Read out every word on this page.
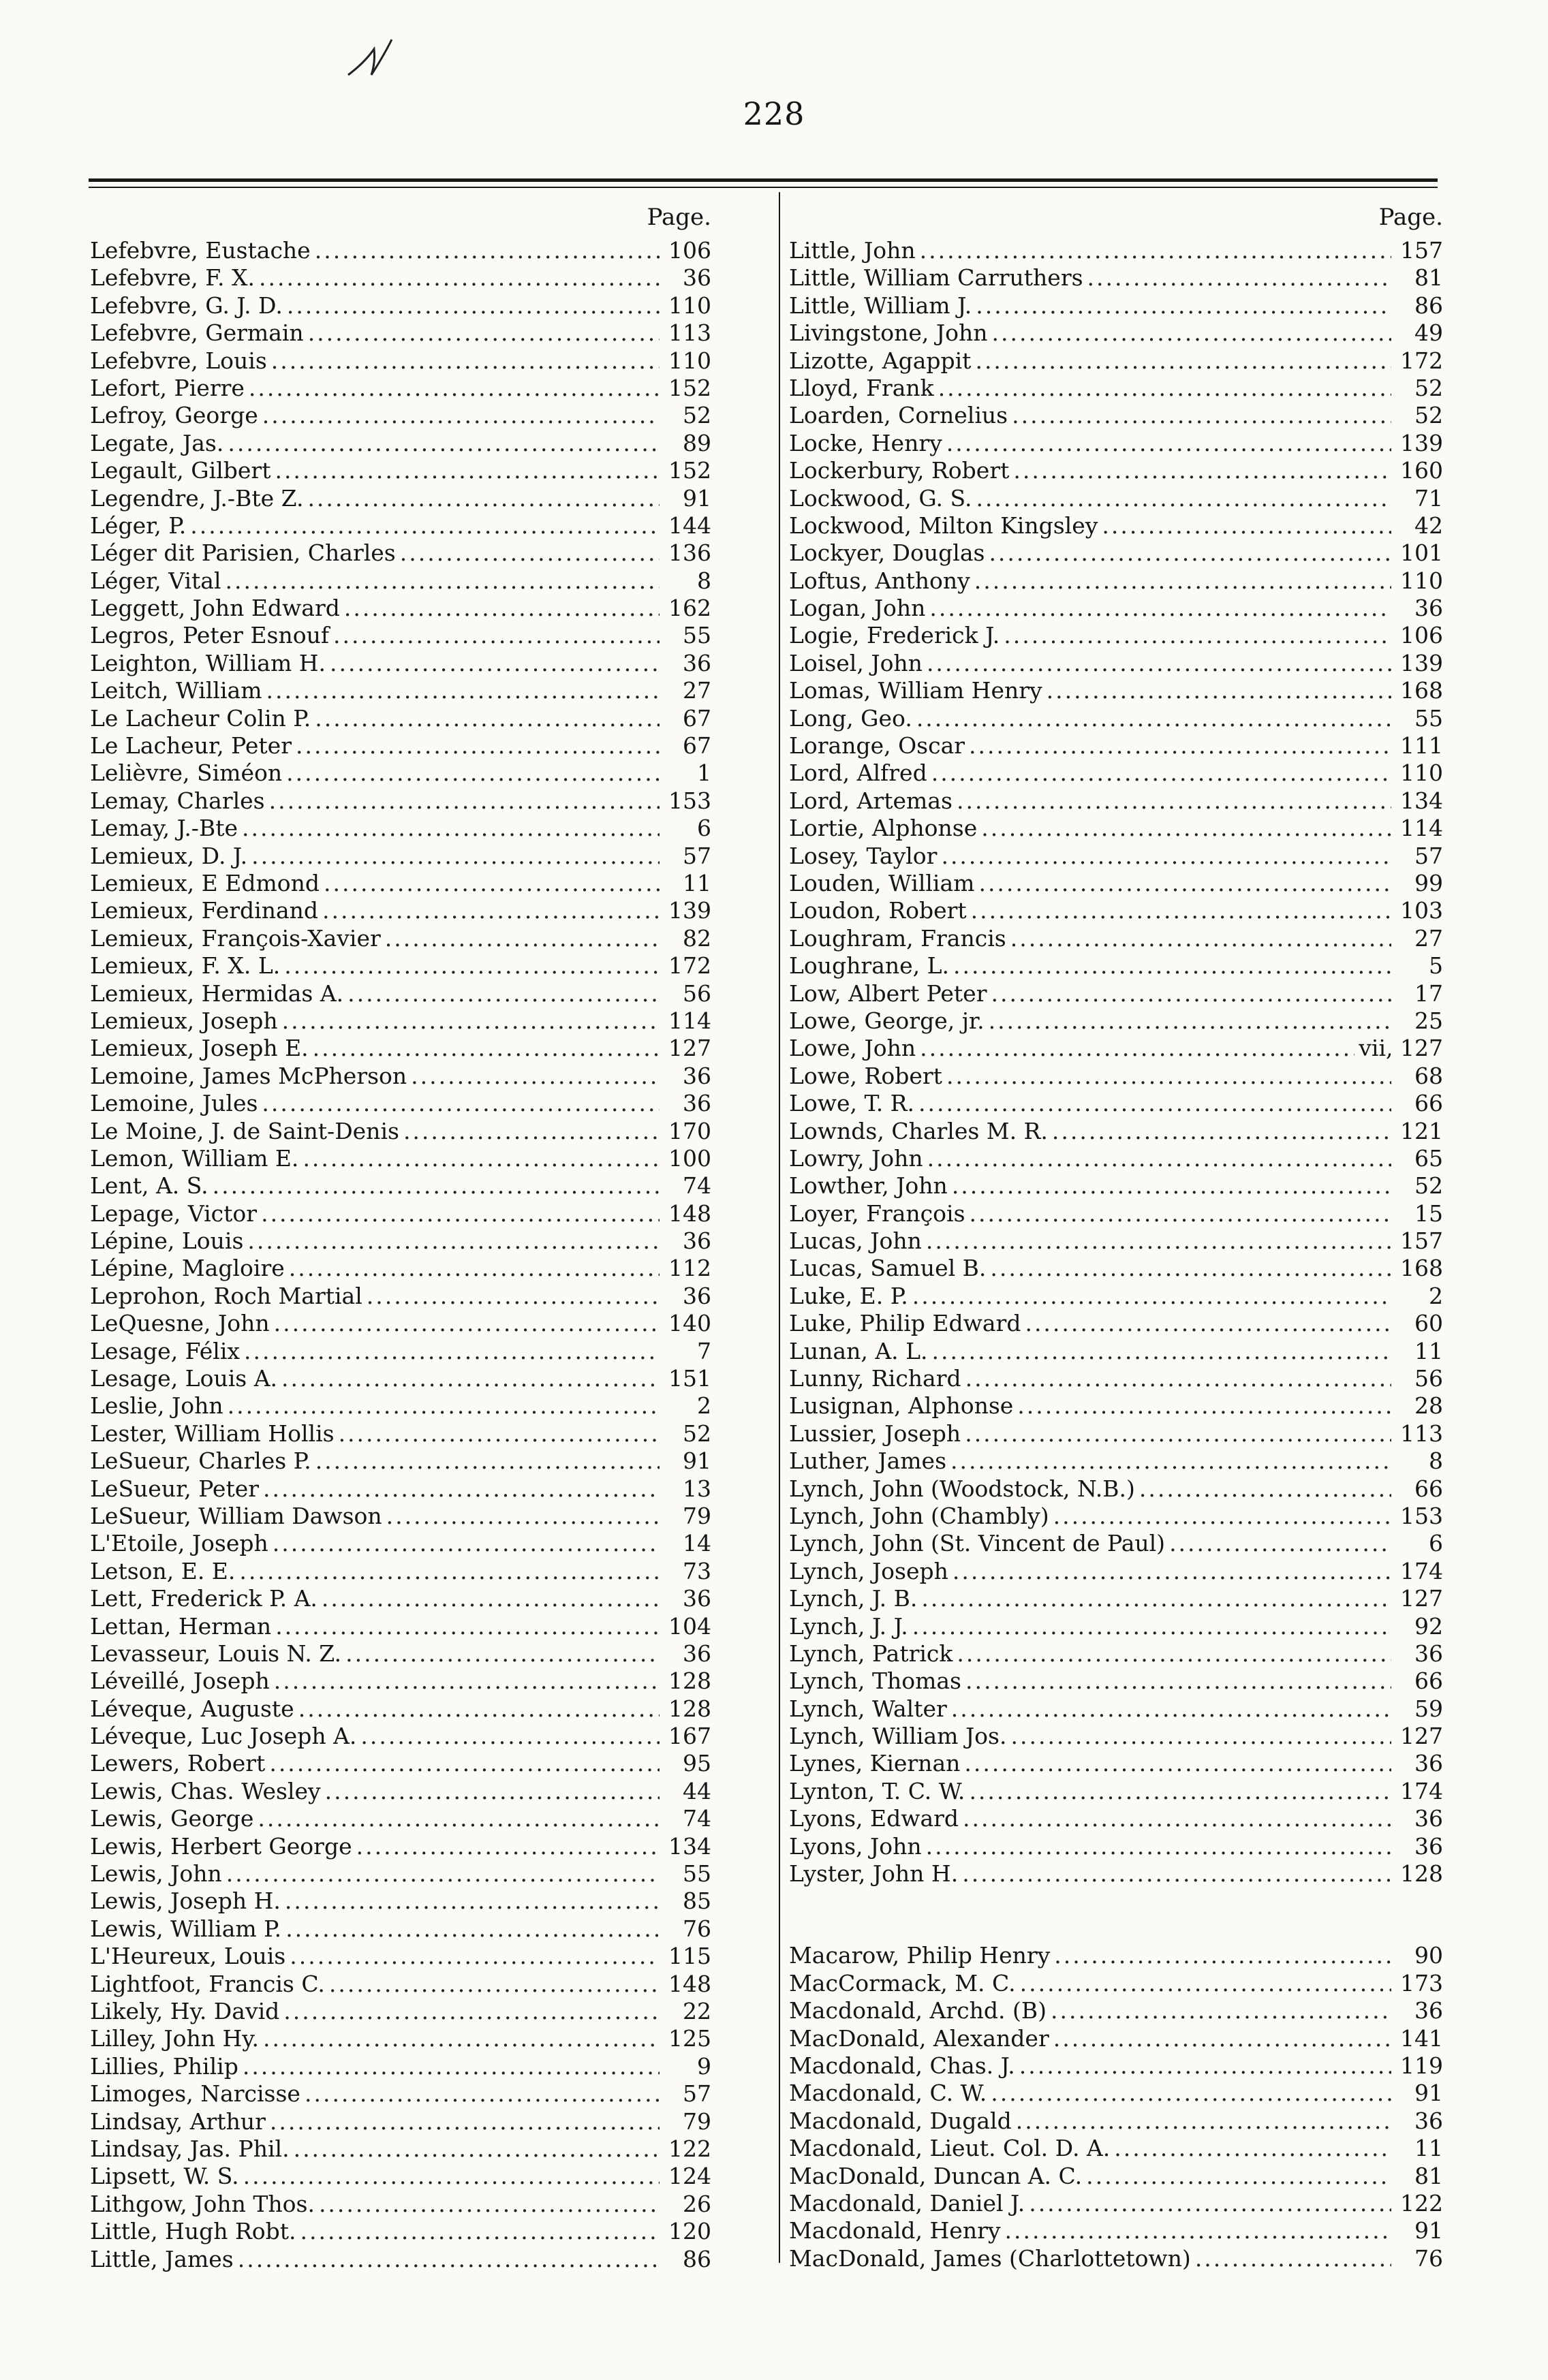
228
Page.
Lefebvre, Eustache .....	106
Lefebvre, F. X. .....	36
Lefebvre, G. J. D. .....	110
Lefebvre, Germain .....	113
Lefebvre, Louis .....	110
Lefort, Pierre .....	152
Lefroy, George .....	52
Legate, Jas. .....	89
Legault, Gilbert .....	152
Legendre, J.-Bte Z. .....	91
Léger, P. .....	144
Léger dit Parisien, Charles .....	136
Léger, Vital .....	8
Leggett, John Edward .....	162
Legros, Peter Esnouf .....	55
Leighton, William H. .....	36
Leitch, William .....	27
Le Lacheur Colin P. .....	67
Le Lacheur, Peter .....	67
Lelièvre, Siméon .....	1
Lemay, Charles .....	153
Lemay, J.-Bte .....	6
Lemieux, D. J. .....	57
Lemieux, E Edmond .....	11
Lemieux, Ferdinand .....	139
Lemieux, François-Xavier .....	82
Lemieux, F. X. L. .....	172
Lemieux, Hermidas A. .....	56
Lemieux, Joseph .....	114
Lemieux, Joseph E. .....	127
Lemoine, James McPherson .....	36
Lemoine, Jules .....	36
Le Moine, J. de Saint-Denis .....	170
Lemon, William E. .....	100
Lent, A. S. .....	74
Lepage, Victor .....	148
Lépine, Louis .....	36
Lépine, Magloire .....	112
Leprohon, Roch Martial .....	36
LeQuesne, John .....	140
Lesage, Félix .....	7
Lesage, Louis A. .....	151
Leslie, John .....	2
Lester, William Hollis .....	52
LeSueur, Charles P. .....	91
LeSueur, Peter .....	13
LeSueur, William Dawson .....	79
L'Etoile, Joseph .....	14
Letson, E. E. .....	73
Lett, Frederick P. A. .....	36
Lettan, Herman .....	104
Levasseur, Louis N. Z. .....	36
Léveillé, Joseph .....	128
Léveque, Auguste .....	128
Léveque, Luc Joseph A. .....	167
Lewers, Robert .....	95
Lewis, Chas. Wesley .....	44
Lewis, George .....	74
Lewis, Herbert George .....	134
Lewis, John .....	55
Lewis, Joseph H. .....	85
Lewis, William P. .....	76
L'Heureux, Louis .....	115
Lightfoot, Francis C. .....	148
Likely, Hy. David .....	22
Lilley, John Hy. .....	125
Lillies, Philip .....	9
Limoges, Narcisse .....	57
Lindsay, Arthur .....	79
Lindsay, Jas. Phil. .....	122
Lipsett, W. S. .....	124
Lithgow, John Thos. .....	26
Little, Hugh Robt. .....	120
Little, James .....	86
Page.
Little, John .....	157
Little, William Carruthers .....	81
Little, William J. .....	86
Livingstone, John .....	49
Lizotte, Agappit .....	172
Lloyd, Frank .....	52
Loarden, Cornelius .....	52
Locke, Henry .....	139
Lockerbury, Robert .....	160
Lockwood, G. S. .....	71
Lockwood, Milton Kingsley .....	42
Lockyer, Douglas .....	101
Loftus, Anthony .....	110
Logan, John .....	36
Logie, Frederick J. .....	106
Loisel, John .....	139
Lomas, William Henry .....	168
Long, Geo. .....	55
Lorange, Oscar .....	111
Lord, Alfred .....	110
Lord, Artemas .....	134
Lortie, Alphonse .....	114
Losey, Taylor .....	57
Louden, William .....	99
Loudon, Robert .....	103
Loughram, Francis .....	27
Loughrane, L. .....	5
Low, Albert Peter .....	17
Lowe, George, jr. .....	25
Lowe, John .....	vii, 127
Lowe, Robert .....	68
Lowe, T. R. .....	66
Lownds, Charles M. R. .....	121
Lowry, John .....	65
Lowther, John .....	52
Loyer, François .....	15
Lucas, John .....	157
Lucas, Samuel B. .....	168
Luke, E. P. .....	2
Luke, Philip Edward .....	60
Lunan, A. L. .....	11
Lunny, Richard .....	56
Lusignan, Alphonse .....	28
Lussier, Joseph .....	113
Luther, James .....	8
Lynch, John (Woodstock, N.B.) .....	66
Lynch, John (Chambly) .....	153
Lynch, John (St. Vincent de Paul) .....	6
Lynch, Joseph .....	174
Lynch, J. B. .....	127
Lynch, J. J. .....	92
Lynch, Patrick .....	36
Lynch, Thomas .....	66
Lynch, Walter .....	59
Lynch, William Jos. .....	127
Lynes, Kiernan .....	36
Lynton, T. C. W. .....	174
Lyons, Edward .....	36
Lyons, John .....	36
Lyster, John H. .....	128
Macarow, Philip Henry .....	90
MacCormack, M. C. .....	173
Macdonald, Archd. (B) .....	36
MacDonald, Alexander .....	141
Macdonald, Chas. J. .....	119
Macdonald, C. W. .....	91
Macdonald, Dugald .....	36
Macdonald, Lieut. Col. D. A. .....	11
MacDonald, Duncan A. C. .....	81
Macdonald, Daniel J. .....	122
Macdonald, Henry .....	91
MacDonald, James (Charlottetown) .....	76
